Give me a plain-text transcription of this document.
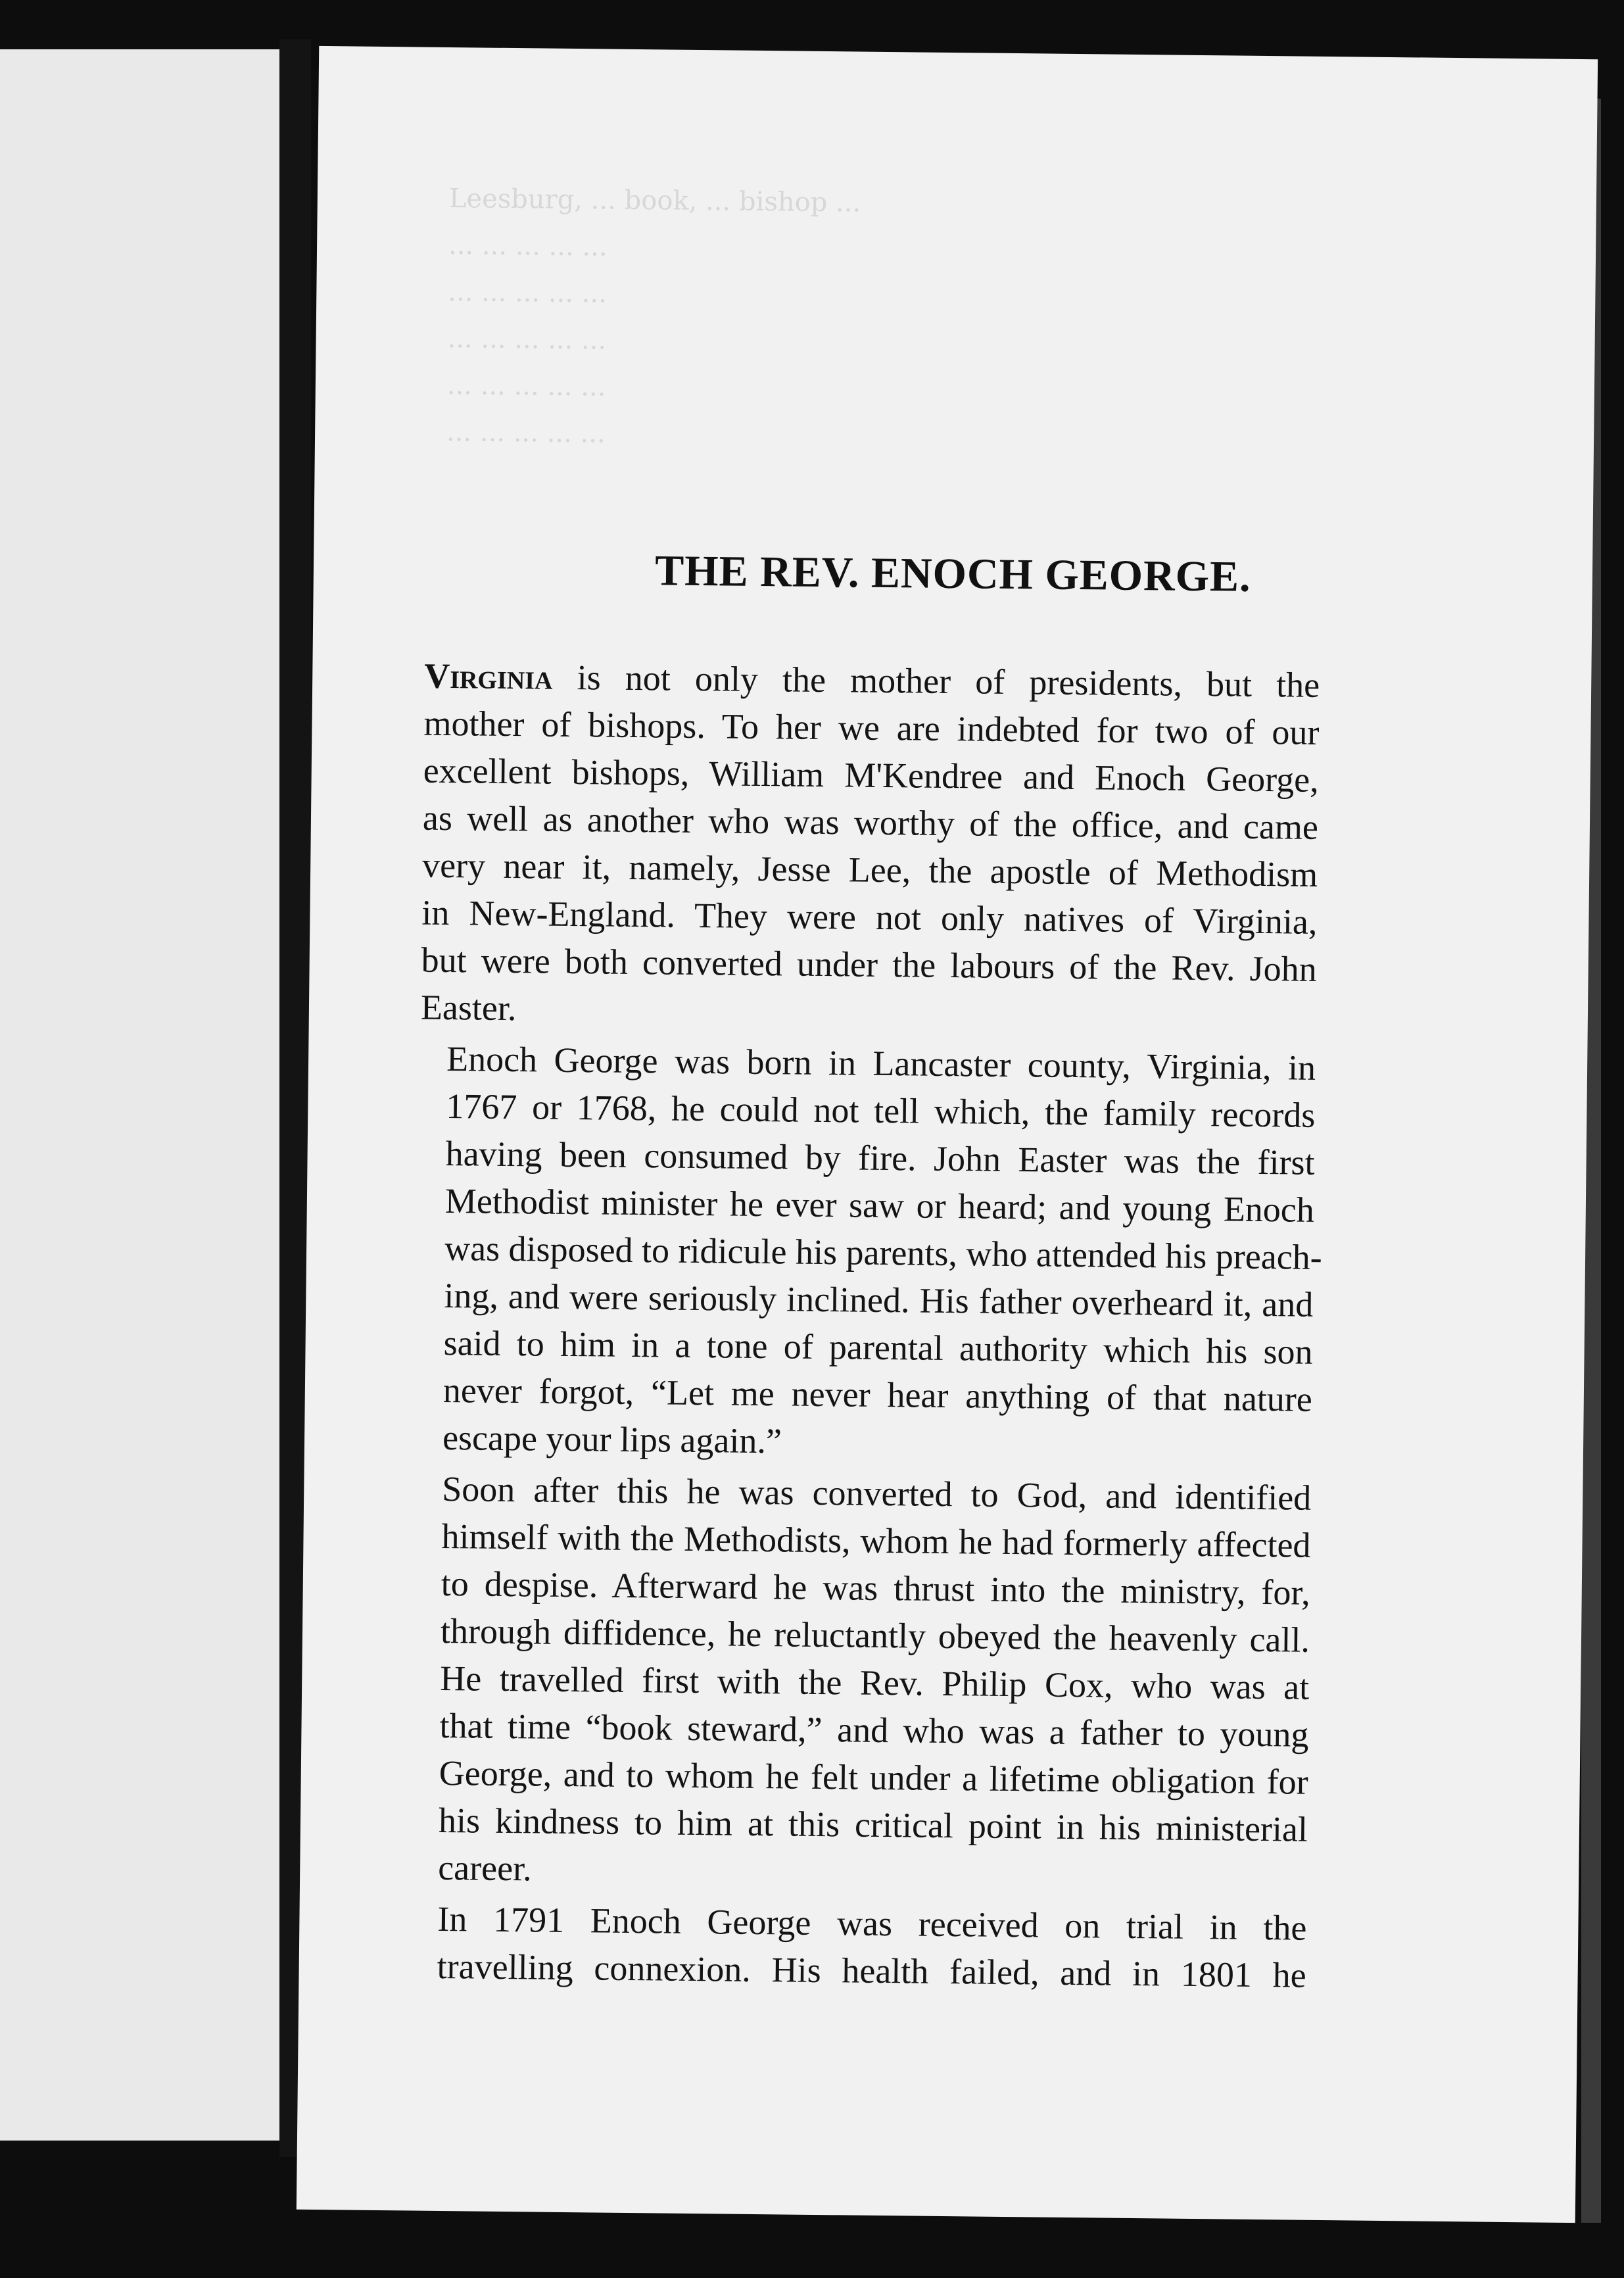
Leesburg, ... book, ... bishop ...
... ... ... ... ...
... ... ... ... ...
... ... ... ... ...
... ... ... ... ...
... ... ... ... ...
THE REV. ENOCH GEORGE.

Virginia is not only the mother of presidents, but the
mother of bishops. To her we are indebted for two of our
excellent bishops, William M'Kendree and Enoch George,
as well as another who was worthy of the office, and came
very near it, namely, Jesse Lee, the apostle of Methodism
in New-England. They were not only natives of Virginia,
but were both converted under the labours of the Rev. John
Easter.

Enoch George was born in Lancaster county, Virginia, in
1767 or 1768, he could not tell which, the family records
having been consumed by fire. John Easter was the first
Methodist minister he ever saw or heard; and young Enoch
was disposed to ridicule his parents, who attended his preach-
ing, and were seriously inclined. His father overheard it, and
said to him in a tone of parental authority which his son
never forgot, “Let me never hear anything of that nature
escape your lips again.”

Soon after this he was converted to God, and identified
himself with the Methodists, whom he had formerly affected
to despise. Afterward he was thrust into the ministry, for,
through diffidence, he reluctantly obeyed the heavenly call.
He travelled first with the Rev. Philip Cox, who was at
that time “book steward,” and who was a father to young
George, and to whom he felt under a lifetime obligation for
his kindness to him at this critical point in his ministerial
career.

In 1791 Enoch George was received on trial in the
travelling connexion. His health failed, and in 1801 he
